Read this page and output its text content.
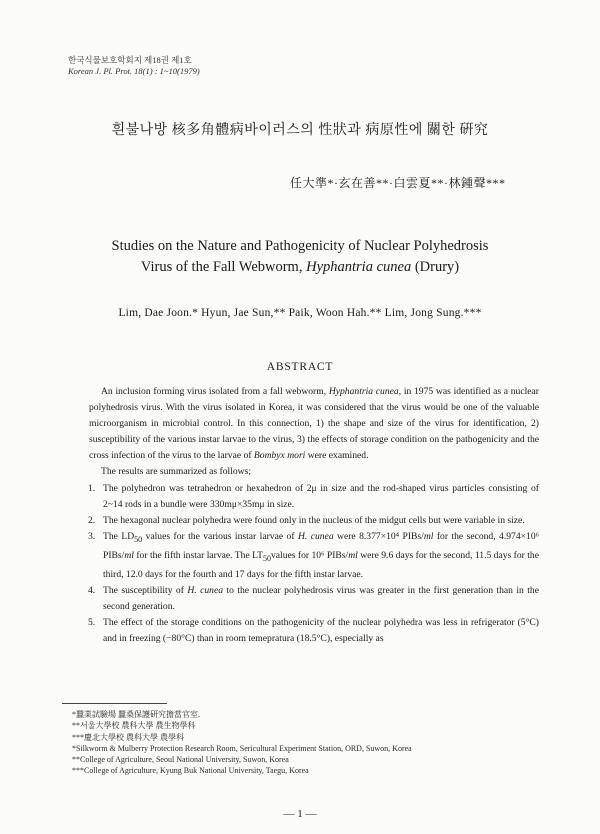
한국식물보호학회지 제18권 제1호
Korean J. Pl. Prot. 18(1) : 1~10(1979)
흰불나방 核多角體病바이러스의 性狀과 病原性에 關한 硏究
任大準*·玄在善**·白雲夏**·林鍾聲***
Studies on the Nature and Pathogenicity of Nuclear Polyhedrosis
Virus of the Fall Webworm, Hyphantria cunea (Drury)
Lim, Dae Joon.* Hyun, Jae Sun,** Paik, Woon Hah.** Lim, Jong Sung.***
ABSTRACT

An inclusion forming virus isolated from a fall webworm, Hyphantria cunea, in 1975 was identified as a nuclear polyhedrosis virus. With the virus isolated in Korea, it was considered that the virus would be one of the valuable microorganism in microbial control. In this connection, 1) the shape and size of the virus for identification, 2) susceptibility of the various instar larvae to the virus, 3) the effects of storage condition on the pathogenicity and the cross infection of the virus to the larvae of Bombyx mori were examined.

The results are summarized as follows;

1. The polyhedron was tetrahedron or hexahedron of 2μ in size and the rod-shaped virus particles consisting of 2~14 rods in a bundle were 330mμ×35mμ in size.
2. The hexagonal nuclear polyhedra were found only in the nucleus of the midgut cells but were variable in size.
3. The $LD_{50}$ values for the various instar larvae of H. cunea were 8.377×10⁴ PIBs/ml for the second, 4.974×10⁶ PIBs/ml for the fifth instar larvae. The $LT_{50}values$ for 10⁶ PIBs/ml were 9.6 days for the second, 11.5 days for the third, 12.0 days for the fourth and 17 days for the fifth instar larvae.
4. The susceptibility of H. cunea to the nuclear polyhedrosis virus was greater in the first generation than in the second generation.
5. The effect of the storage conditions on the pathogenicity of the nuclear polyhedra was less in refrigerator (5°C) and in freezing (−80°C) than in room temepratura (18.5°C), especially as
*蠶業試驗場 蠶桑保護硏究擔當官室.
**서울大學校 農科大學 農生物學科
***慶北大學校 農科大學 農學科
*Silkworm & Mulberry Protection Research Room, Sericultural Experiment Station, ORD, Suwon, Korea
**College of Agriculture, Seoul National University, Suwon, Korea
***College of Agriculture, Kyung Buk National University, Taegu, Korea
— 1 —
